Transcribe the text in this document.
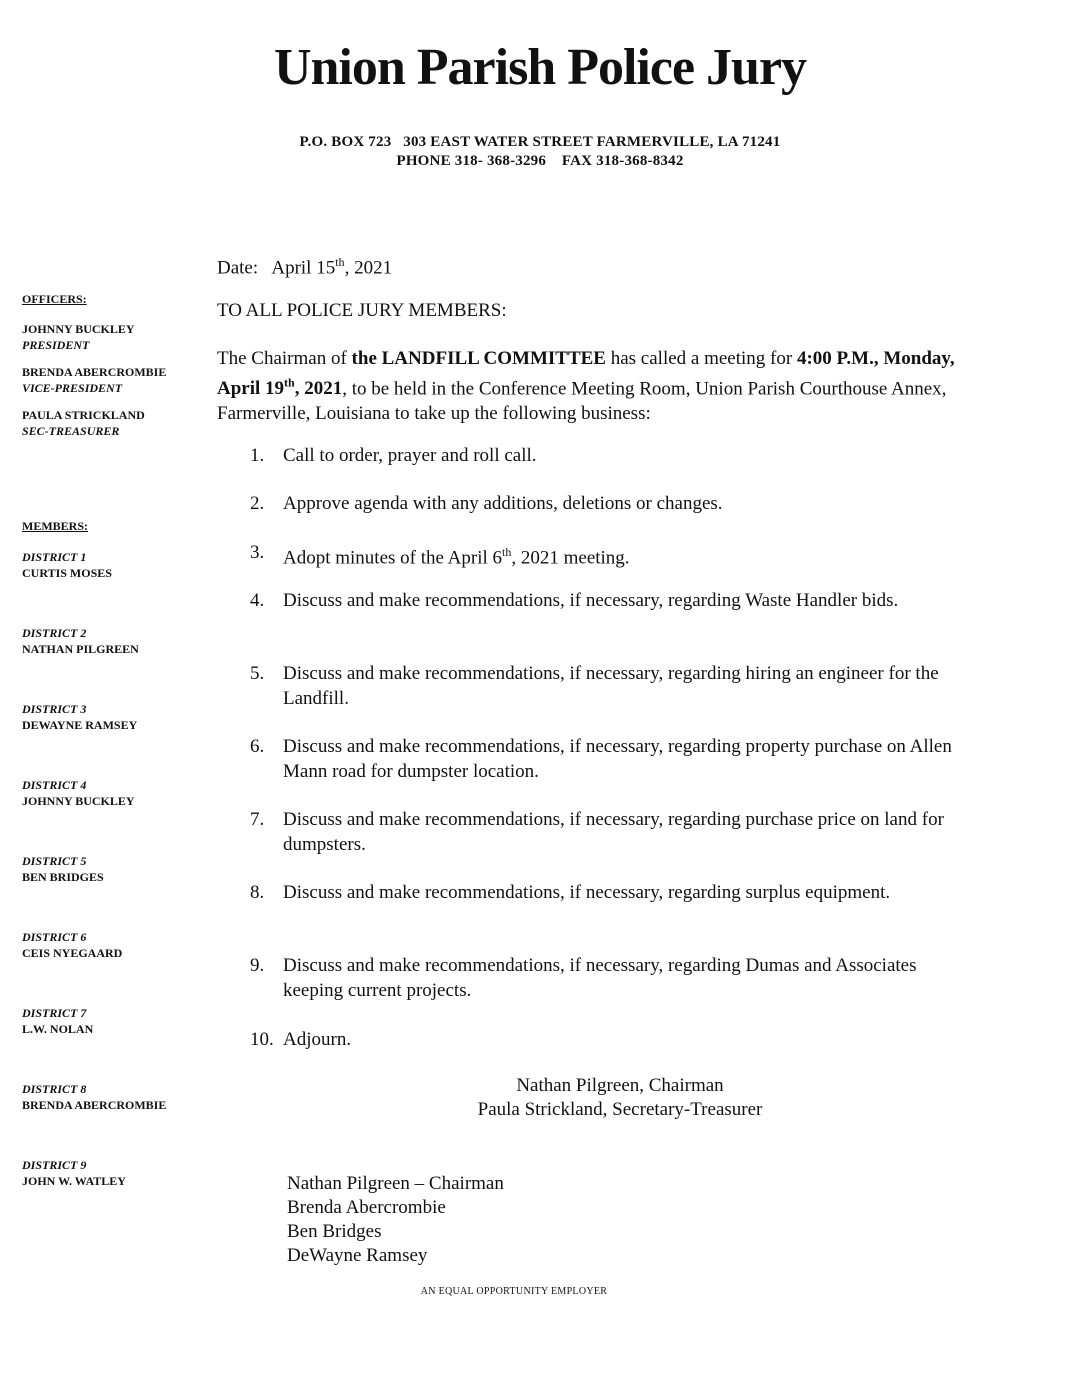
Union Parish Police Jury
P.O. BOX 723   303 EAST WATER STREET FARMERVILLE, LA 71241
PHONE 318- 368-3296    FAX 318-368-8342
OFFICERS:
JOHNNY BUCKLEY
PRESIDENT
BRENDA ABERCROMBIE
VICE-PRESIDENT
PAULA STRICKLAND
SEC-TREASURER
MEMBERS:
DISTRICT 1
CURTIS MOSES
DISTRICT 2
NATHAN PILGREEN
DISTRICT 3
DEWAYNE RAMSEY
DISTRICT 4
JOHNNY BUCKLEY
DISTRICT 5
BEN BRIDGES
DISTRICT 6
CEIS NYEGAARD
DISTRICT 7
L.W. NOLAN
DISTRICT 8
BRENDA ABERCROMBIE
DISTRICT 9
JOHN W. WATLEY
Date: April 15th, 2021
TO ALL POLICE JURY MEMBERS:
The Chairman of the LANDFILL COMMITTEE has called a meeting for 4:00 P.M., Monday, April 19th, 2021, to be held in the Conference Meeting Room, Union Parish Courthouse Annex, Farmerville, Louisiana to take up the following business:
1. Call to order, prayer and roll call.
2. Approve agenda with any additions, deletions or changes.
3. Adopt minutes of the April 6th, 2021 meeting.
4. Discuss and make recommendations, if necessary, regarding Waste Handler bids.
5. Discuss and make recommendations, if necessary, regarding hiring an engineer for the Landfill.
6. Discuss and make recommendations, if necessary, regarding property purchase on Allen Mann road for dumpster location.
7. Discuss and make recommendations, if necessary, regarding purchase price on land for dumpsters.
8. Discuss and make recommendations, if necessary, regarding surplus equipment.
9. Discuss and make recommendations, if necessary, regarding Dumas and Associates keeping current projects.
10. Adjourn.
Nathan Pilgreen, Chairman
Paula Strickland, Secretary-Treasurer
Nathan Pilgreen – Chairman
Brenda Abercrombie
Ben Bridges
DeWayne Ramsey
AN EQUAL OPPORTUNITY EMPLOYER
